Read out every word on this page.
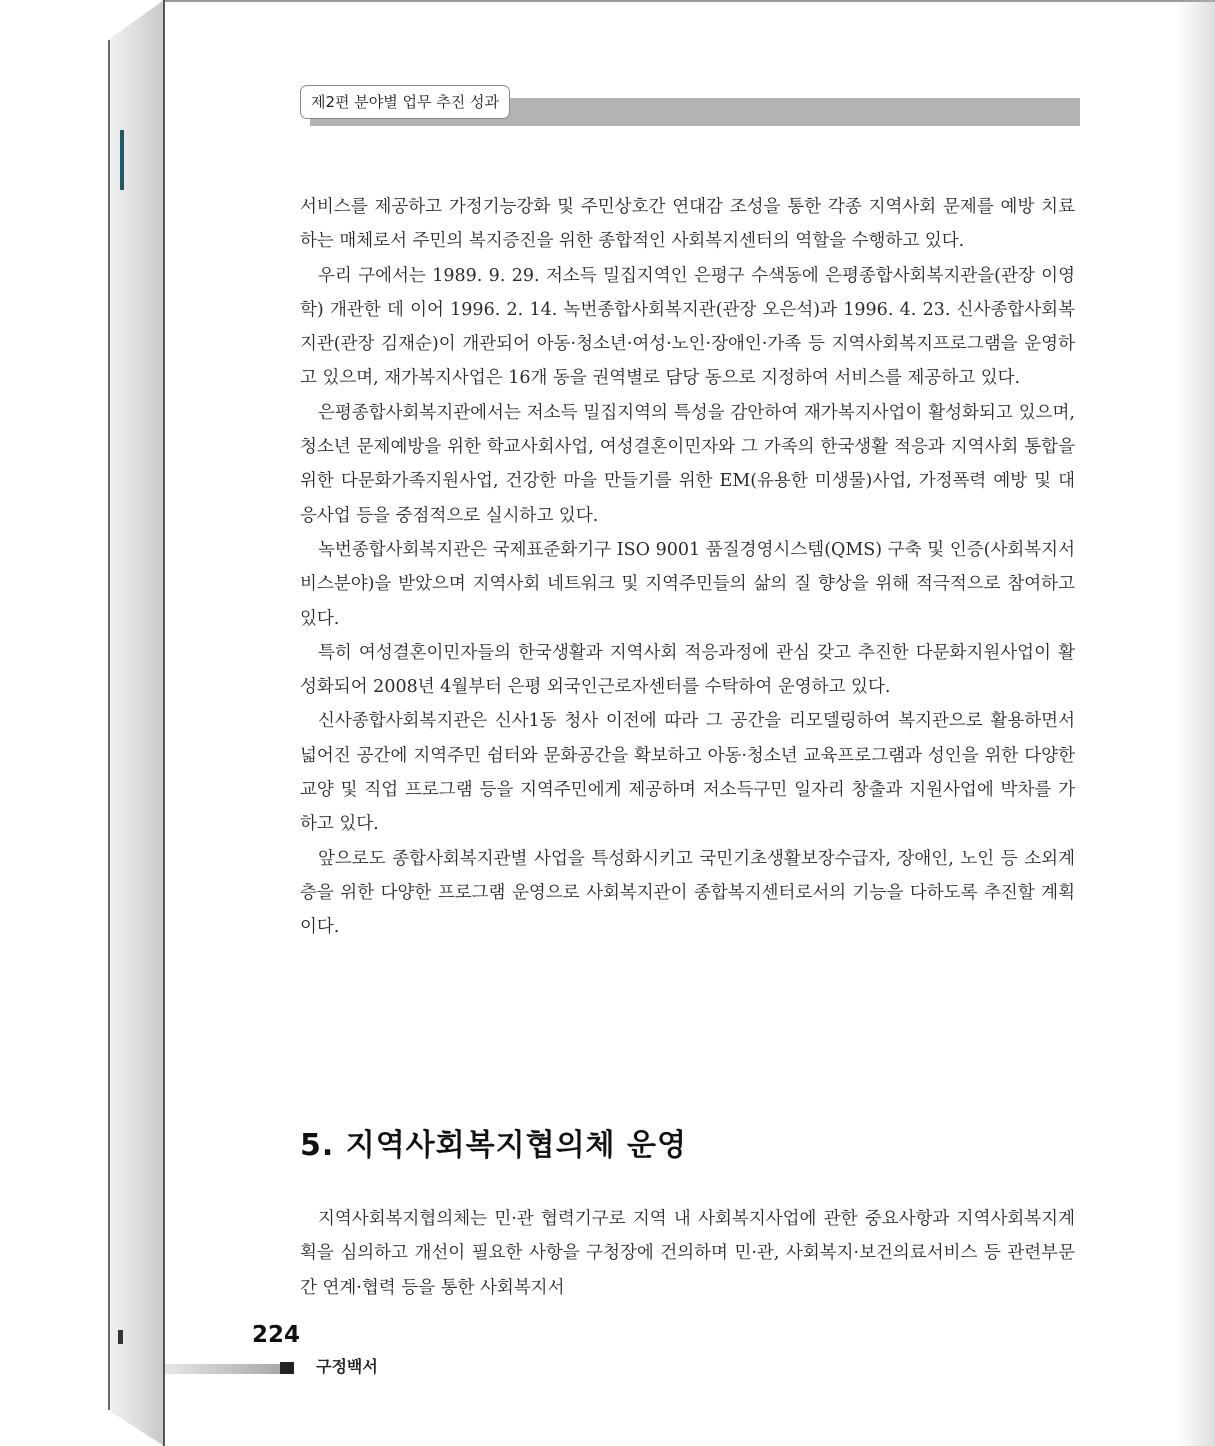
제2편 분야별 업무 추진 성과

서비스를 제공하고 가정기능강화 및 주민상호간 연대감 조성을 통한 각종 지역사회 문제를 예방 치료하는 매체로서 주민의 복지증진을 위한 종합적인 사회복지센터의 역할을 수행하고 있다.

우리 구에서는 1989. 9. 29. 저소득 밀집지역인 은평구 수색동에 은평종합사회복지관을(관장 이영학) 개관한 데 이어 1996. 2. 14. 녹번종합사회복지관(관장 오은석)과 1996. 4. 23. 신사종합사회복지관(관장 김재순)이 개관되어 아동·청소년·여성·노인·장애인·가족 등 지역사회복지프로그램을 운영하고 있으며, 재가복지사업은 16개 동을 권역별로 담당 동으로 지정하여 서비스를 제공하고 있다.

은평종합사회복지관에서는 저소득 밀집지역의 특성을 감안하여 재가복지사업이 활성화되고 있으며, 청소년 문제예방을 위한 학교사회사업, 여성결혼이민자와 그 가족의 한국생활 적응과 지역사회 통합을 위한 다문화가족지원사업, 건강한 마을 만들기를 위한 EM(유용한 미생물)사업, 가정폭력 예방 및 대응사업 등을 중점적으로 실시하고 있다.

녹번종합사회복지관은 국제표준화기구 ISO 9001 품질경영시스템(QMS) 구축 및 인증(사회복지서비스분야)을 받았으며 지역사회 네트워크 및 지역주민들의 삶의 질 향상을 위해 적극적으로 참여하고 있다.

특히 여성결혼이민자들의 한국생활과 지역사회 적응과정에 관심 갖고 추진한 다문화지원사업이 활성화되어 2008년 4월부터 은평 외국인근로자센터를 수탁하여 운영하고 있다.

신사종합사회복지관은 신사1동 청사 이전에 따라 그 공간을 리모델링하여 복지관으로 활용하면서 넓어진 공간에 지역주민 쉼터와 문화공간을 확보하고 아동·청소년 교육프로그램과 성인을 위한 다양한 교양 및 직업 프로그램 등을 지역주민에게 제공하며 저소득구민 일자리 창출과 지원사업에 박차를 가하고 있다.

앞으로도 종합사회복지관별 사업을 특성화시키고 국민기초생활보장수급자, 장애인, 노인 등 소외계층을 위한 다양한 프로그램 운영으로 사회복지관이 종합복지센터로서의 기능을 다하도록 추진할 계획이다.

5. 지역사회복지협의체 운영

지역사회복지협의체는 민·관 협력기구로 지역 내 사회복지사업에 관한 중요사항과 지역사회복지계획을 심의하고 개선이 필요한 사항을 구청장에 건의하며 민·관, 사회복지·보건의료서비스 등 관련부문간 연계·협력 등을 통한 사회복지서

224
구정백서
